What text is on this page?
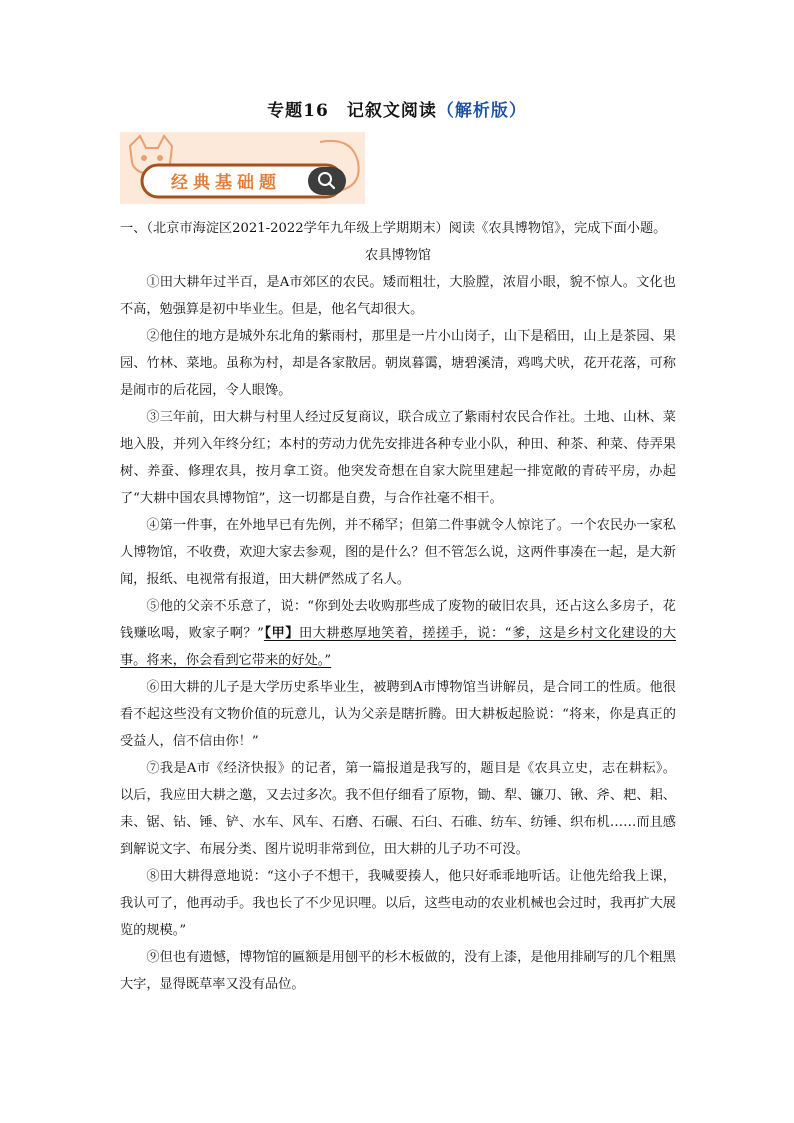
专题16　记叙文阅读（解析版）
经典基础题

一、（北京市海淀区2021-2022学年九年级上学期期末）阅读《农具博物馆》，完成下面小题。

农具博物馆

①田大耕年过半百，是A市郊区的农民。矮而粗壮，大脸膛，浓眉小眼，貌不惊人。文化也不高，勉强算是初中毕业生。但是，他名气却很大。

②他住的地方是城外东北角的紫雨村，那里是一片小山岗子，山下是稻田，山上是茶园、果园、竹林、菜地。虽称为村，却是各家散居。朝岚暮霭，塘碧溪清，鸡鸣犬吠，花开花落，可称是闹市的后花园，令人眼馋。

③三年前，田大耕与村里人经过反复商议，联合成立了紫雨村农民合作社。土地、山林、菜地入股，并列入年终分红；本村的劳动力优先安排进各种专业小队，种田、种茶、种菜、侍弄果树、养蚕、修理农具，按月拿工资。他突发奇想在自家大院里建起一排宽敞的青砖平房，办起了“大耕中国农具博物馆”，这一切都是自费，与合作社毫不相干。

④第一件事，在外地早已有先例，并不稀罕；但第二件事就令人惊诧了。一个农民办一家私人博物馆，不收费，欢迎大家去参观，图的是什么？但不管怎么说，这两件事凑在一起，是大新闻，报纸、电视常有报道，田大耕俨然成了名人。

⑤他的父亲不乐意了，说：“你到处去收购那些成了废物的破旧农具，还占这么多房子，花钱赚吆喝，败家子啊？”【甲】田大耕憨厚地笑着，搓搓手，说：“爹，这是乡村文化建设的大事。将来，你会看到它带来的好处。”

⑥田大耕的儿子是大学历史系毕业生，被聘到A市博物馆当讲解员，是合同工的性质。他很看不起这些没有文物价值的玩意儿，认为父亲是瞎折腾。田大耕板起脸说：“将来，你是真正的受益人，信不信由你！”

⑦我是A市《经济快报》的记者，第一篇报道是我写的，题目是《农具立史，志在耕耘》。以后，我应田大耕之邀，又去过多次。我不但仔细看了原物，锄、犁、镰刀、锹、斧、耙、耜、耒、锯、钻、锤、铲、水车、风车、石磨、石碾、石臼、石碓、纺车、纺锤、织布机……而且感到解说文字、布展分类、图片说明非常到位，田大耕的儿子功不可没。

⑧田大耕得意地说：“这小子不想干，我喊要揍人，他只好乖乖地听话。让他先给我上课，我认可了，他再动手。我也长了不少见识哩。以后，这些电动的农业机械也会过时，我再扩大展览的规模。”

⑨但也有遗憾，博物馆的匾额是用刨平的杉木板做的，没有上漆，是他用排刷写的几个粗黑大字，显得既草率又没有品位。
